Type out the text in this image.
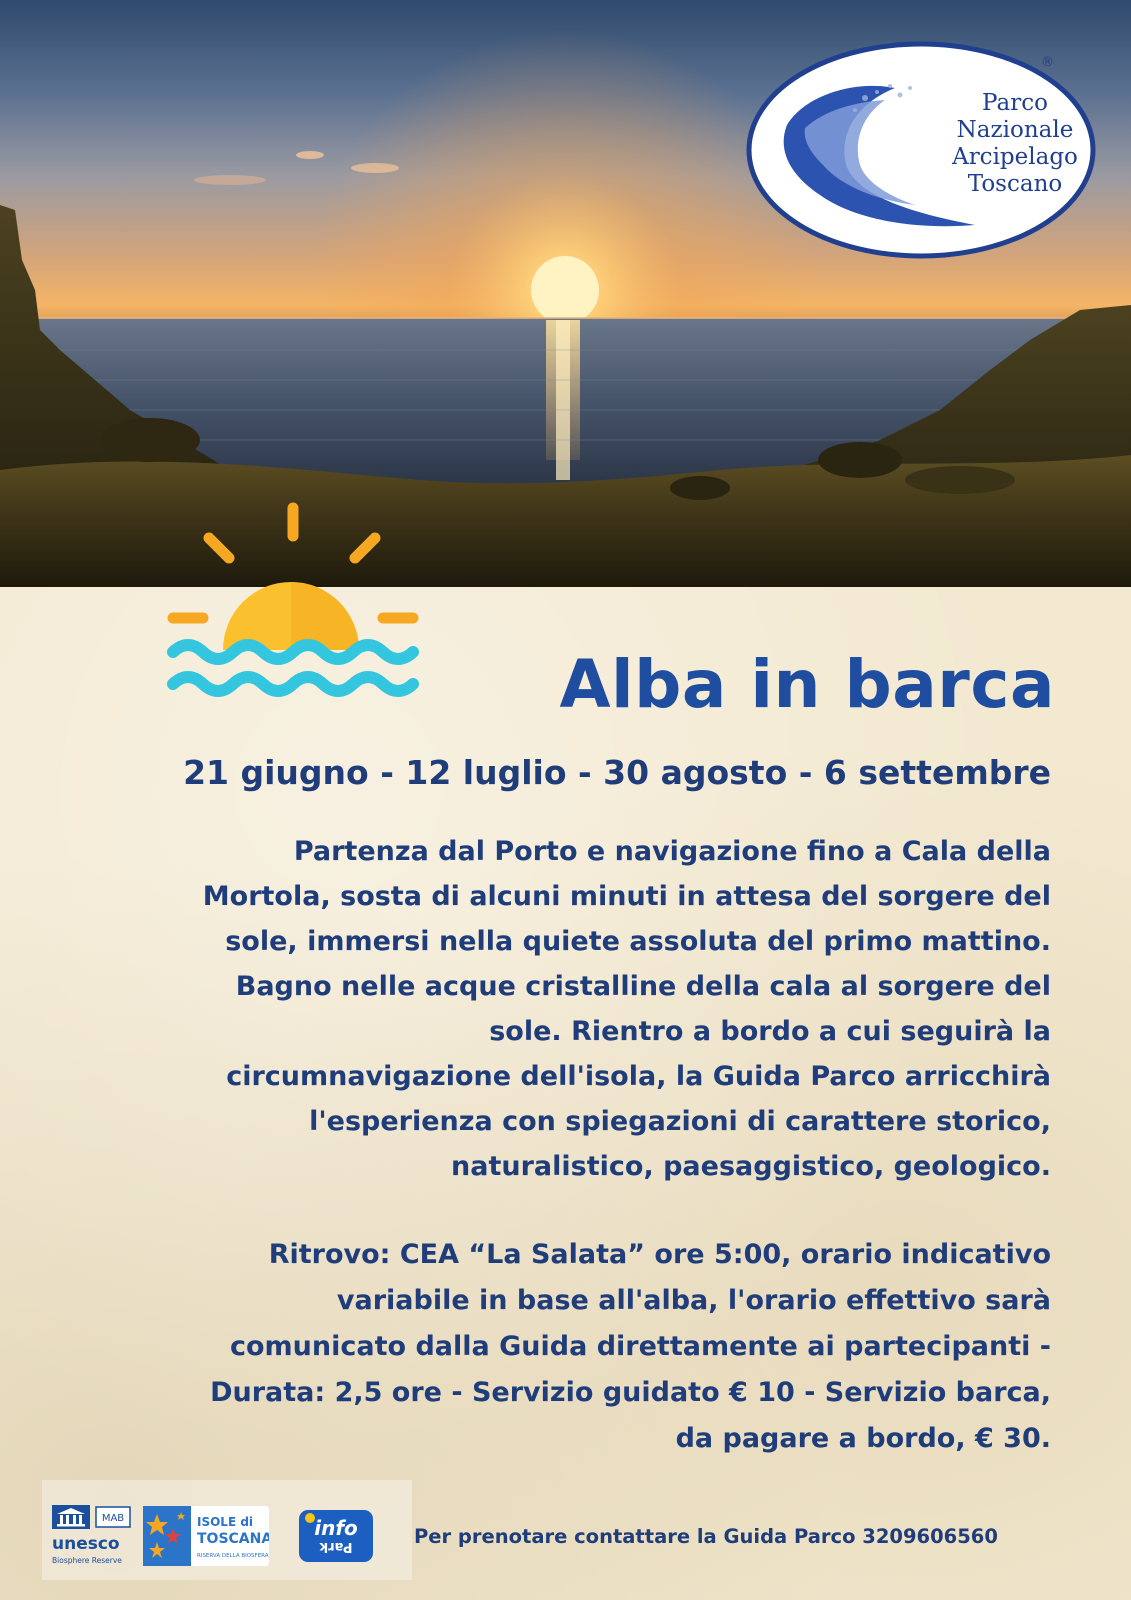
®
Parco
Nazionale
Arcipelago
Toscano
Alba in barca
21 giugno - 12 luglio - 30 agosto - 6 settembre
Partenza dal Porto e navigazione fino a Cala della
Mortola, sosta di alcuni minuti in attesa del sorgere del
sole, immersi nella quiete assoluta del primo mattino.
Bagno nelle acque cristalline della cala al sorgere del
sole. Rientro a bordo a cui seguirà la
circumnavigazione dell'isola, la Guida Parco arricchirà
l'esperienza con spiegazioni di carattere storico,
naturalistico, paesaggistico, geologico.
Ritrovo: CEA “La Salata” ore 5:00, orario indicativo
variabile in base all'alba, l'orario effettivo sarà
comunicato dalla Guida direttamente ai partecipanti -
Durata: 2,5 ore - Servizio guidato € 10 - Servizio barca,
da pagare a bordo, € 30.
MAB
unesco
Biosphere Reserve
ISOLE di
TOSCANA
RISERVA DELLA BIOSFERA
info
Park	Per prenotare contattare la Guida Parco 3209606560
